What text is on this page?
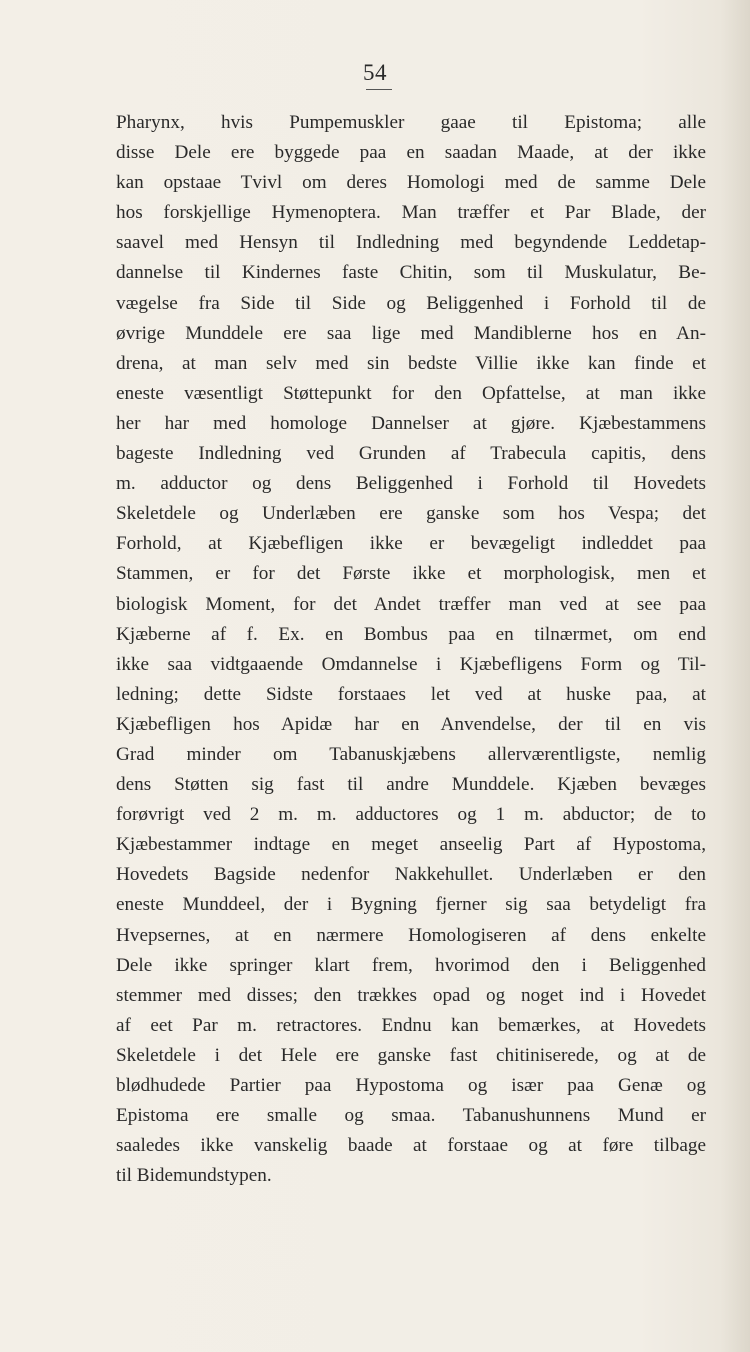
54
Pharynx, hvis Pumpemuskler gaae til Epistoma; alle
disse Dele ere byggede paa en saadan Maade, at der ikke
kan opstaae Tvivl om deres Homologi med de samme Dele
hos forskjellige Hymenoptera. Man træffer et Par Blade, der
saavel med Hensyn til Indledning med begyndende Leddetap-
dannelse til Kindernes faste Chitin, som til Muskulatur, Be-
vægelse fra Side til Side og Beliggenhed i Forhold til de
øvrige Munddele ere saa lige med Mandiblerne hos en An-
drena, at man selv med sin bedste Villie ikke kan finde et
eneste væsentligt Støttepunkt for den Opfattelse, at man ikke
her har med homologe Dannelser at gjøre. Kjæbestammens
bageste Indledning ved Grunden af Trabecula capitis, dens
m. adductor og dens Beliggenhed i Forhold til Hovedets
Skeletdele og Underlæben ere ganske som hos Vespa; det
Forhold, at Kjæbefligen ikke er bevægeligt indleddet paa
Stammen, er for det Første ikke et morphologisk, men et
biologisk Moment, for det Andet træffer man ved at see paa
Kjæberne af f. Ex. en Bombus paa en tilnærmet, om end
ikke saa vidtgaaende Omdannelse i Kjæbefligens Form og Til-
ledning; dette Sidste forstaaes let ved at huske paa, at
Kjæbefligen hos Apidæ har en Anvendelse, der til en vis
Grad minder om Tabanuskjæbens allerværentligste, nemlig
dens Støtten sig fast til andre Munddele. Kjæben bevæges
forøvrigt ved 2 m. m. adductores og 1 m. abductor; de to
Kjæbestammer indtage en meget anseelig Part af Hypostoma,
Hovedets Bagside nedenfor Nakkehullet. Underlæben er den
eneste Munddeel, der i Bygning fjerner sig saa betydeligt fra
Hvepsernes, at en nærmere Homologiseren af dens enkelte
Dele ikke springer klart frem, hvorimod den i Beliggenhed
stemmer med disses; den trækkes opad og noget ind i Hovedet
af eet Par m. retractores. Endnu kan bemærkes, at Hovedets
Skeletdele i det Hele ere ganske fast chitiniserede, og at de
blødhudede Partier paa Hypostoma og især paa Genæ og
Epistoma ere smalle og smaa. Tabanushunnens Mund er
saaledes ikke vanskelig baade at forstaae og at føre tilbage
til Bidemundstypen.
